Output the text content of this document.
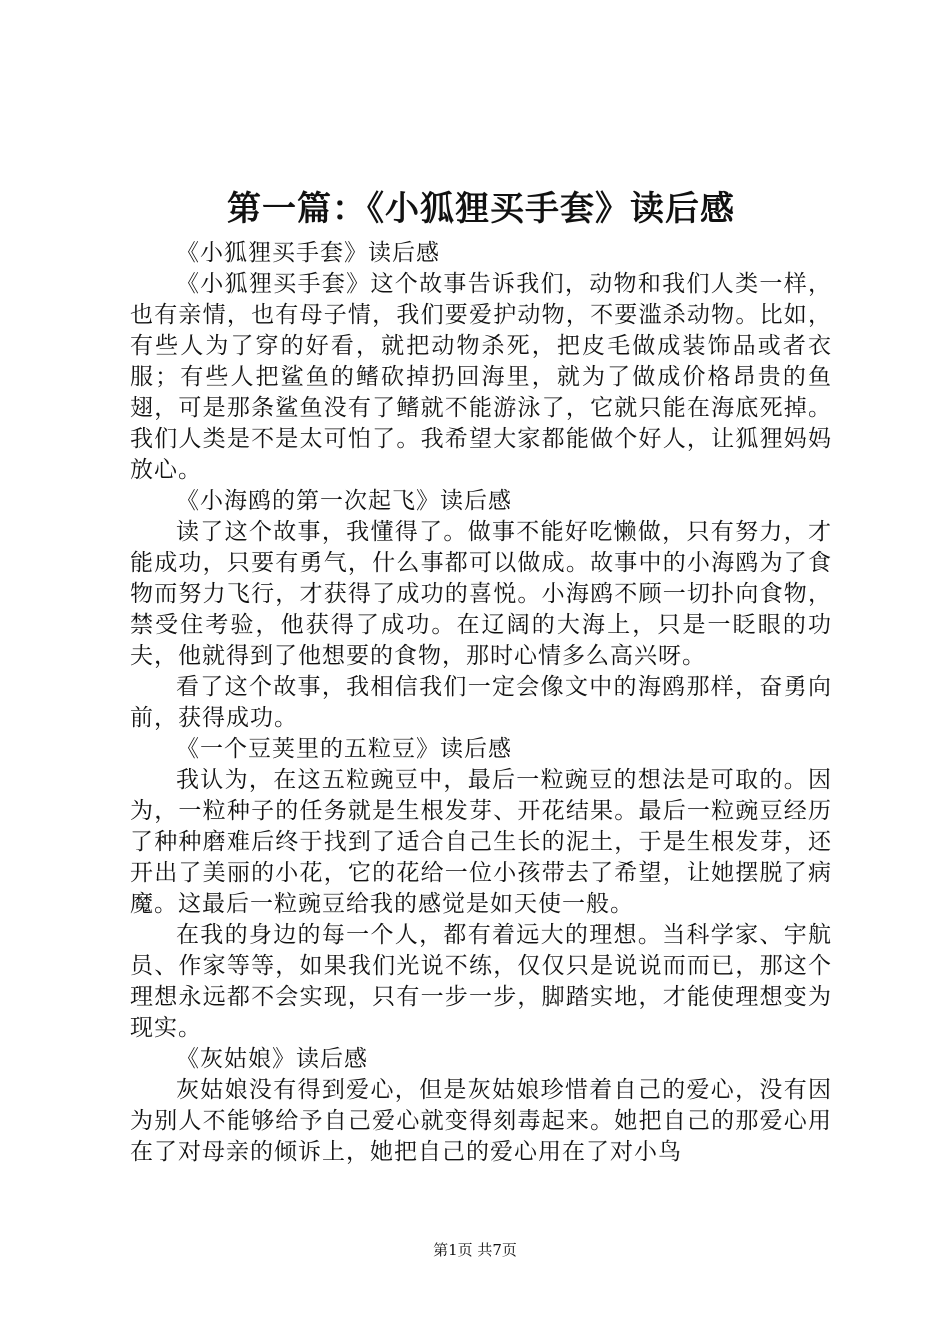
第一篇：《小狐狸买手套》读后感

《小狐狸买手套》读后感

《小狐狸买手套》这个故事告诉我们，动物和我们人类一样，也有亲情，也有母子情，我们要爱护动物，不要滥杀动物。比如，有些人为了穿的好看，就把动物杀死，把皮毛做成装饰品或者衣服；有些人把鲨鱼的鳍砍掉扔回海里，就为了做成价格昂贵的鱼翅，可是那条鲨鱼没有了鳍就不能游泳了，它就只能在海底死掉。我们人类是不是太可怕了。我希望大家都能做个好人，让狐狸妈妈放心。

《小海鸥的第一次起飞》读后感

读了这个故事，我懂得了。做事不能好吃懒做，只有努力，才能成功，只要有勇气，什么事都可以做成。故事中的小海鸥为了食物而努力飞行，才获得了成功的喜悦。小海鸥不顾一切扑向食物，禁受住考验，他获得了成功。在辽阔的大海上，只是一眨眼的功夫，他就得到了他想要的食物，那时心情多么高兴呀。

看了这个故事，我相信我们一定会像文中的海鸥那样，奋勇向前，获得成功。

《一个豆荚里的五粒豆》读后感

我认为，在这五粒豌豆中，最后一粒豌豆的想法是可取的。因为，一粒种子的任务就是生根发芽、开花结果。最后一粒豌豆经历了种种磨难后终于找到了适合自己生长的泥土，于是生根发芽，还开出了美丽的小花，它的花给一位小孩带去了希望，让她摆脱了病魔。这最后一粒豌豆给我的感觉是如天使一般。

在我的身边的每一个人，都有着远大的理想。当科学家、宇航员、作家等等，如果我们光说不练，仅仅只是说说而而已，那这个理想永远都不会实现，只有一步一步，脚踏实地，才能使理想变为现实。

《灰姑娘》读后感

灰姑娘没有得到爱心，但是灰姑娘珍惜着自己的爱心，没有因为别人不能够给予自己爱心就变得刻毒起来。她把自己的那爱心用在了对母亲的倾诉上，她把自己的爱心用在了对小鸟

第1页 共7页
